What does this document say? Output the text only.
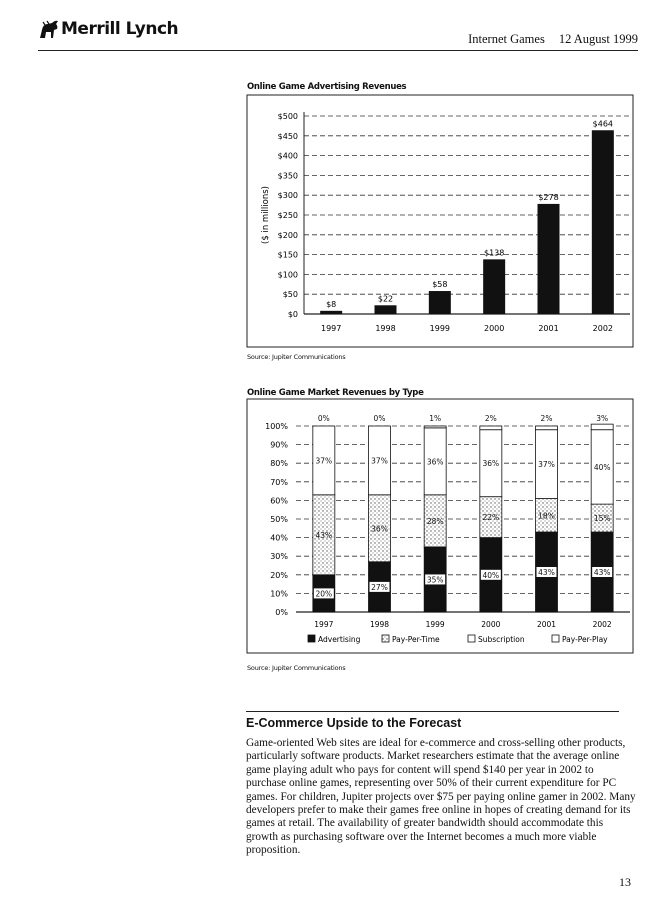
Merrill Lynch	Internet Games 12 August 1999
Online Game Advertising Revenues
$0
$50
$100
$150
$200
$250
$300
$350
$400
$450
$500
$8
1997
$22
1998
$58
1999
$138
2000
$278
2001
$464
2002
($ in millions)
Source: Jupiter Communications
Online Game Market Revenues by Type
0%
10%
20%
30%
40%
50%
60%
70%
80%
90%
100%
20%
43%
37%
0%
1997
27%
36%
37%
0%
1998
35%
28%
36%
1%
1999
40%
22%
36%
2%
2000
43%
18%
37%
2%
2001
43%
15%
40%
3%
2002
Advertising	Pay-Per-Time	Subscription	Pay-Per-Play
Source: Jupiter Communications
E-Commerce Upside to the Forecast
Game-oriented Web sites are ideal for e-commerce and cross-selling other products, particularly software products. Market researchers estimate that the average online game playing adult who pays for content will spend $140 per year in 2002 to purchase online games, representing over 50% of their current expenditure for PC games. For children, Jupiter projects over $75 per paying online gamer in 2002. Many developers prefer to make their games free online in hopes of creating demand for its games at retail. The availability of greater bandwidth should accommodate this growth as purchasing software over the Internet becomes a much more viable proposition.
13
